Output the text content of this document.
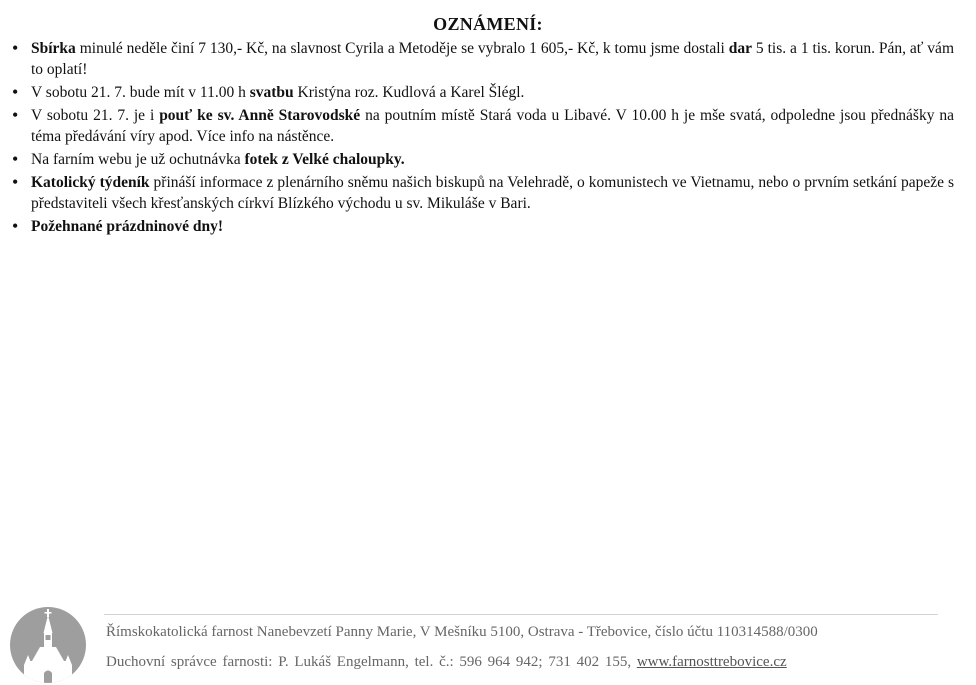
OZNÁMENÍ:
• Sbírka minulé neděle činí 7 130,- Kč, na slavnost Cyrila a Metoděje se vybralo 1 605,- Kč, k tomu jsme dostali dar 5 tis. a 1 tis. korun. Pán, ať vám to oplatí!
• V sobotu 21. 7. bude mít v 11.00 h svatbu Kristýna roz. Kudlová a Karel Šlégl.
• V sobotu 21. 7. je i pouť ke sv. Anně Starovodské na poutním místě Stará voda u Libavé. V 10.00 h je mše svatá, odpoledne jsou přednášky na téma předávání víry apod. Více info na nástěnce.
• Na farním webu je už ochutnávka fotek z Velké chaloupky.
• Katolický týdeník přináší informace z plenárního sněmu našich biskupů na Velehradě, o komunistech ve Vietnamu, nebo o prvním setkání papeže s představiteli všech křesťanských církví Blízkého východu u sv. Mikuláše v Bari.
• Požehnané prázdninové dny!
Římskokatolická farnost Nanebevzetí Panny Marie, V Mešníku 5100, Ostrava - Třebovice, číslo účtu 110314588/0300
Duchovní správce farnosti: P. Lukáš Engelmann, tel. č.: 596 964 942; 731 402 155, www.farnosttrebovice.cz
